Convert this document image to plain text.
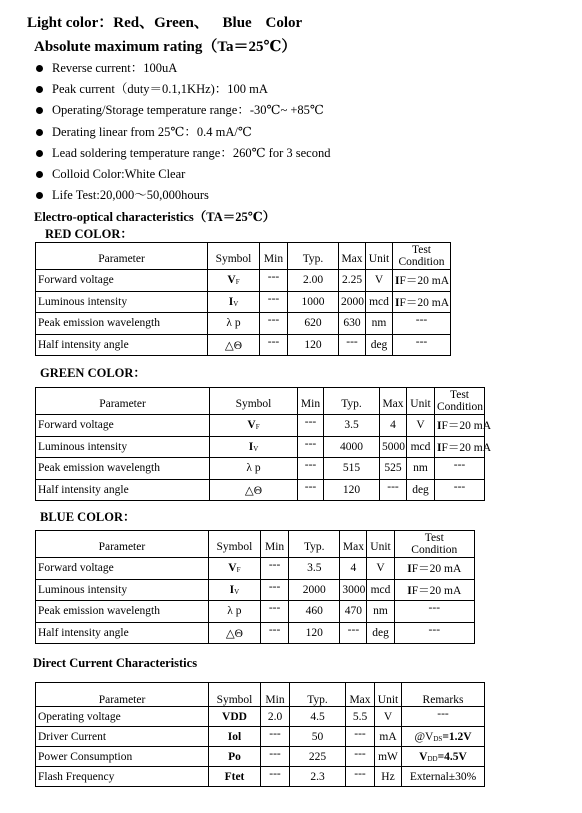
Light color：Red、Green、 Blue Color
Absolute maximum rating（Ta＝25℃）
Reverse current：100uA
Peak current（duty＝0.1,1KHz)：100 mA
Operating/Storage temperature range：-30℃~ +85℃
Derating linear from 25℃：0.4 mA/℃
Lead soldering temperature range：260℃ for 3 second
Colloid Color:White Clear
Life Test:20,000～50,000hours
Electro-optical characteristics（TA＝25℃）
RED COLOR：
Parameter	Symbol	Min	Typ.	Max	Unit	Test
Condition
Forward voltage	$V_F$	---	2.00	2.25	V	IF＝20 mA
Luminous intensity	$I_V$	---	1000	2000	mcd	IF＝20 mA
Peak emission wavelength	λ p	---	620	630	nm	---
Half intensity angle	△Θ	---	120	---	deg	---
GREEN COLOR：
Parameter	Symbol	Min	Typ.	Max	Unit	Test
Condition
Forward voltage	$V_F$	---	3.5	4	V	IF＝20 mA
Luminous intensity	$I_V$	---	4000	5000	mcd	IF＝20 mA
Peak emission wavelength	λ p	---	515	525	nm	---
Half intensity angle	△Θ	---	120	---	deg	---
BLUE COLOR：
Parameter	Symbol	Min	Typ.	Max	Unit	Test
Condition
Forward voltage	$V_F$	---	3.5	4	V	IF＝20 mA
Luminous intensity	$I_V$	---	2000	3000	mcd	IF＝20 mA
Peak emission wavelength	λ p	---	460	470	nm	---
Half intensity angle	△Θ	---	120	---	deg	---
Direct Current Characteristics
Parameter	Symbol	Min	Typ.	Max	Unit	Remarks
Operating voltage	VDD	2.0	4.5	5.5	V	---
Driver Current	Iol	---	50	---	mA	$@V_{DS}=1.2V$
Power Consumption	Po	---	225	---	mW	$V_{DD}=4.5V$
Flash Frequency	Ftet	---	2.3	---	Hz	External±30%
